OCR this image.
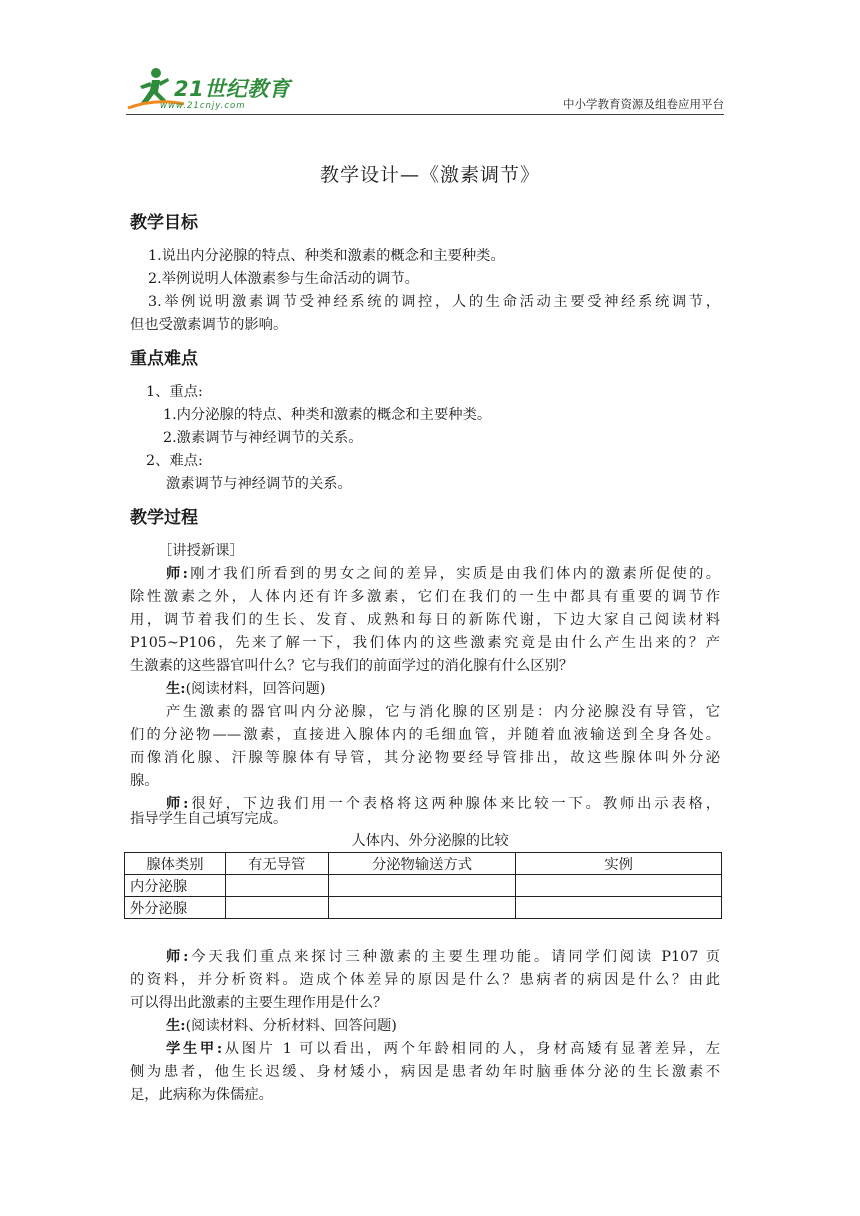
21世纪教育
www.21cnjy.com	中小学教育资源及组卷应用平台
教学设计—《激素调节》
教学目标
1.说出内分泌腺的特点、种类和激素的概念和主要种类。
2.举例说明人体激素参与生命活动的调节。
3.举例说明激素调节受神经系统的调控，人的生命活动主要受神经系统调节，
但也受激素调节的影响。
重点难点
1、重点:
1.内分泌腺的特点、种类和激素的概念和主要种类。
2.激素调节与神经调节的关系。
2、难点:
激素调节与神经调节的关系。
教学过程
［讲授新课］
师:刚才我们所看到的男女之间的差异，实质是由我们体内的激素所促使的。
除性激素之外，人体内还有许多激素，它们在我们的一生中都具有重要的调节作
用，调节着我们的生长、发育、成熟和每日的新陈代谢，下边大家自己阅读材料
P105~P106，先来了解一下，我们体内的这些激素究竟是由什么产生出来的？产
生激素的这些器官叫什么？它与我们的前面学过的消化腺有什么区别？
生:(阅读材料，回答问题)
产生激素的器官叫内分泌腺，它与消化腺的区别是：内分泌腺没有导管，它
们的分泌物——激素，直接进入腺体内的毛细血管，并随着血液输送到全身各处。
而像消化腺、汗腺等腺体有导管，其分泌物要经导管排出，故这些腺体叫外分泌
腺。
师:很好，下边我们用一个表格将这两种腺体来比较一下。教师出示表格，
指导学生自己填写完成。
人体内、外分泌腺的比较
腺体类别	有无导管	分泌物输送方式	实例
内分泌腺			
外分泌腺			
师:今天我们重点来探讨三种激素的主要生理功能。请同学们阅读 P107 页
的资料，并分析资料。造成个体差异的原因是什么？患病者的病因是什么？由此
可以得出此激素的主要生理作用是什么？
生:(阅读材料、分析材料、回答问题)
学生甲:从图片 1 可以看出，两个年龄相同的人，身材高矮有显著差异，左
侧为患者，他生长迟缓、身材矮小，病因是患者幼年时脑垂体分泌的生长激素不
足，此病称为侏儒症。
